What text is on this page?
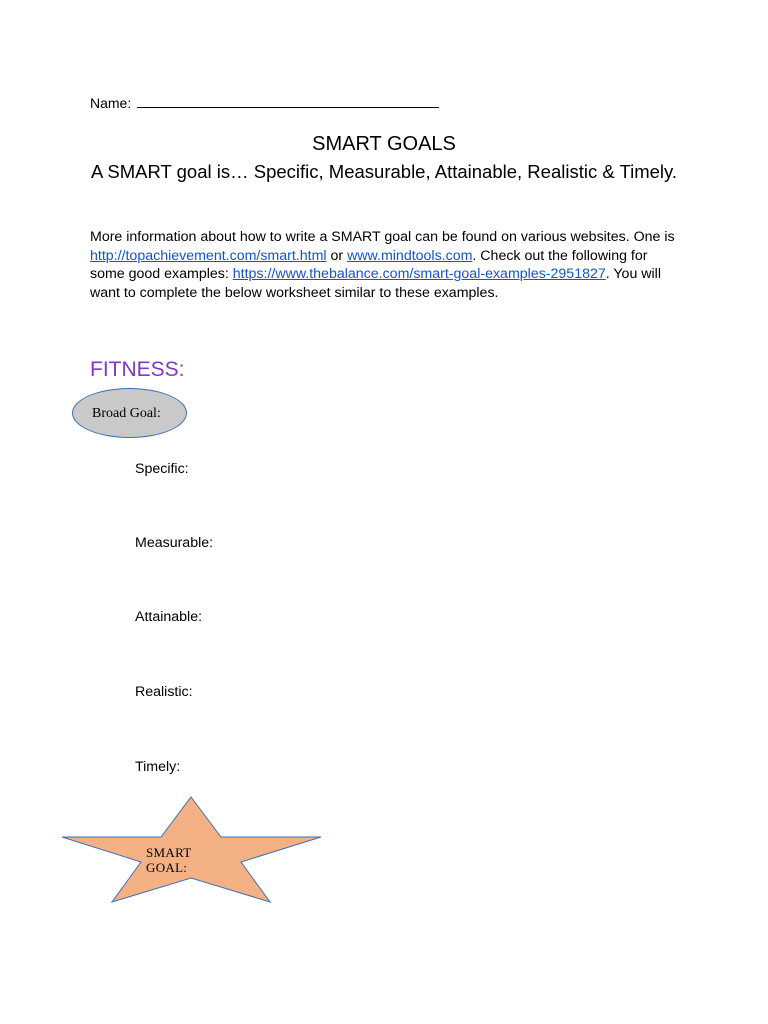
Name:
SMART GOALS
A SMART goal is… Specific, Measurable, Attainable, Realistic & Timely.
More information about how to write a SMART goal can be found on various websites. One is http://topachievement.com/smart.html or www.mindtools.com. Check out the following for some good examples: https://www.thebalance.com/smart-goal-examples-2951827. You will want to complete the below worksheet similar to these examples.
FITNESS:
Broad Goal:
Specific:
Measurable:
Attainable:
Realistic:
Timely:
SMART
GOAL:
